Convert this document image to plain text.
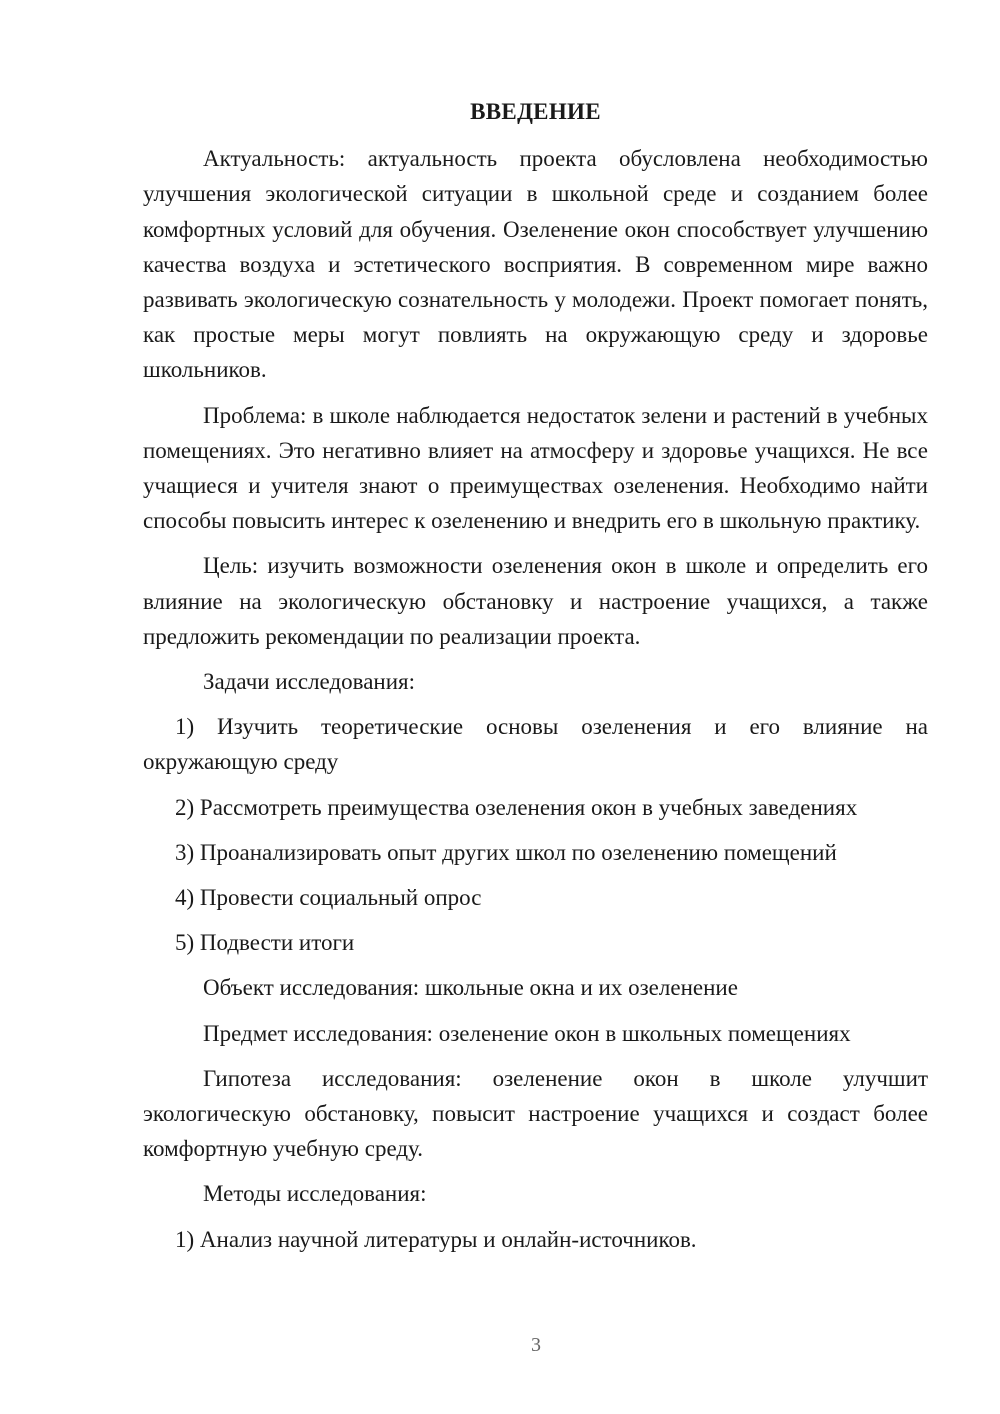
ВВЕДЕНИЕ

Актуальность: актуальность проекта обусловлена необходимостью улучшения экологической ситуации в школьной среде и созданием более комфортных условий для обучения. Озеленение окон способствует улучшению качества воздуха и эстетического восприятия. В современном мире важно развивать экологическую сознательность у молодежи. Проект помогает понять, как простые меры могут повлиять на окружающую среду и здоровье школьников.

Проблема: в школе наблюдается недостаток зелени и растений в учебных помещениях. Это негативно влияет на атмосферу и здоровье учащихся. Не все учащиеся и учителя знают о преимуществах озеленения. Необходимо найти способы повысить интерес к озеленению и внедрить его в школьную практику.

Цель: изучить возможности озеленения окон в школе и определить его влияние на экологическую обстановку и настроение учащихся, а также предложить рекомендации по реализации проекта.

Задачи исследования:

1) Изучить теоретические основы озеленения и его влияние на окружающую среду

2) Рассмотреть преимущества озеленения окон в учебных заведениях

3) Проанализировать опыт других школ по озеленению помещений

4) Провести социальный опрос

5) Подвести итоги

Объект исследования: школьные окна и их озеленение

Предмет исследования: озеленение окон в школьных помещениях

Гипотеза исследования: озеленение окон в школе улучшит экологическую обстановку, повысит настроение учащихся и создаст более комфортную учебную среду.

Методы исследования:

1) Анализ научной литературы и онлайн-источников.

3
